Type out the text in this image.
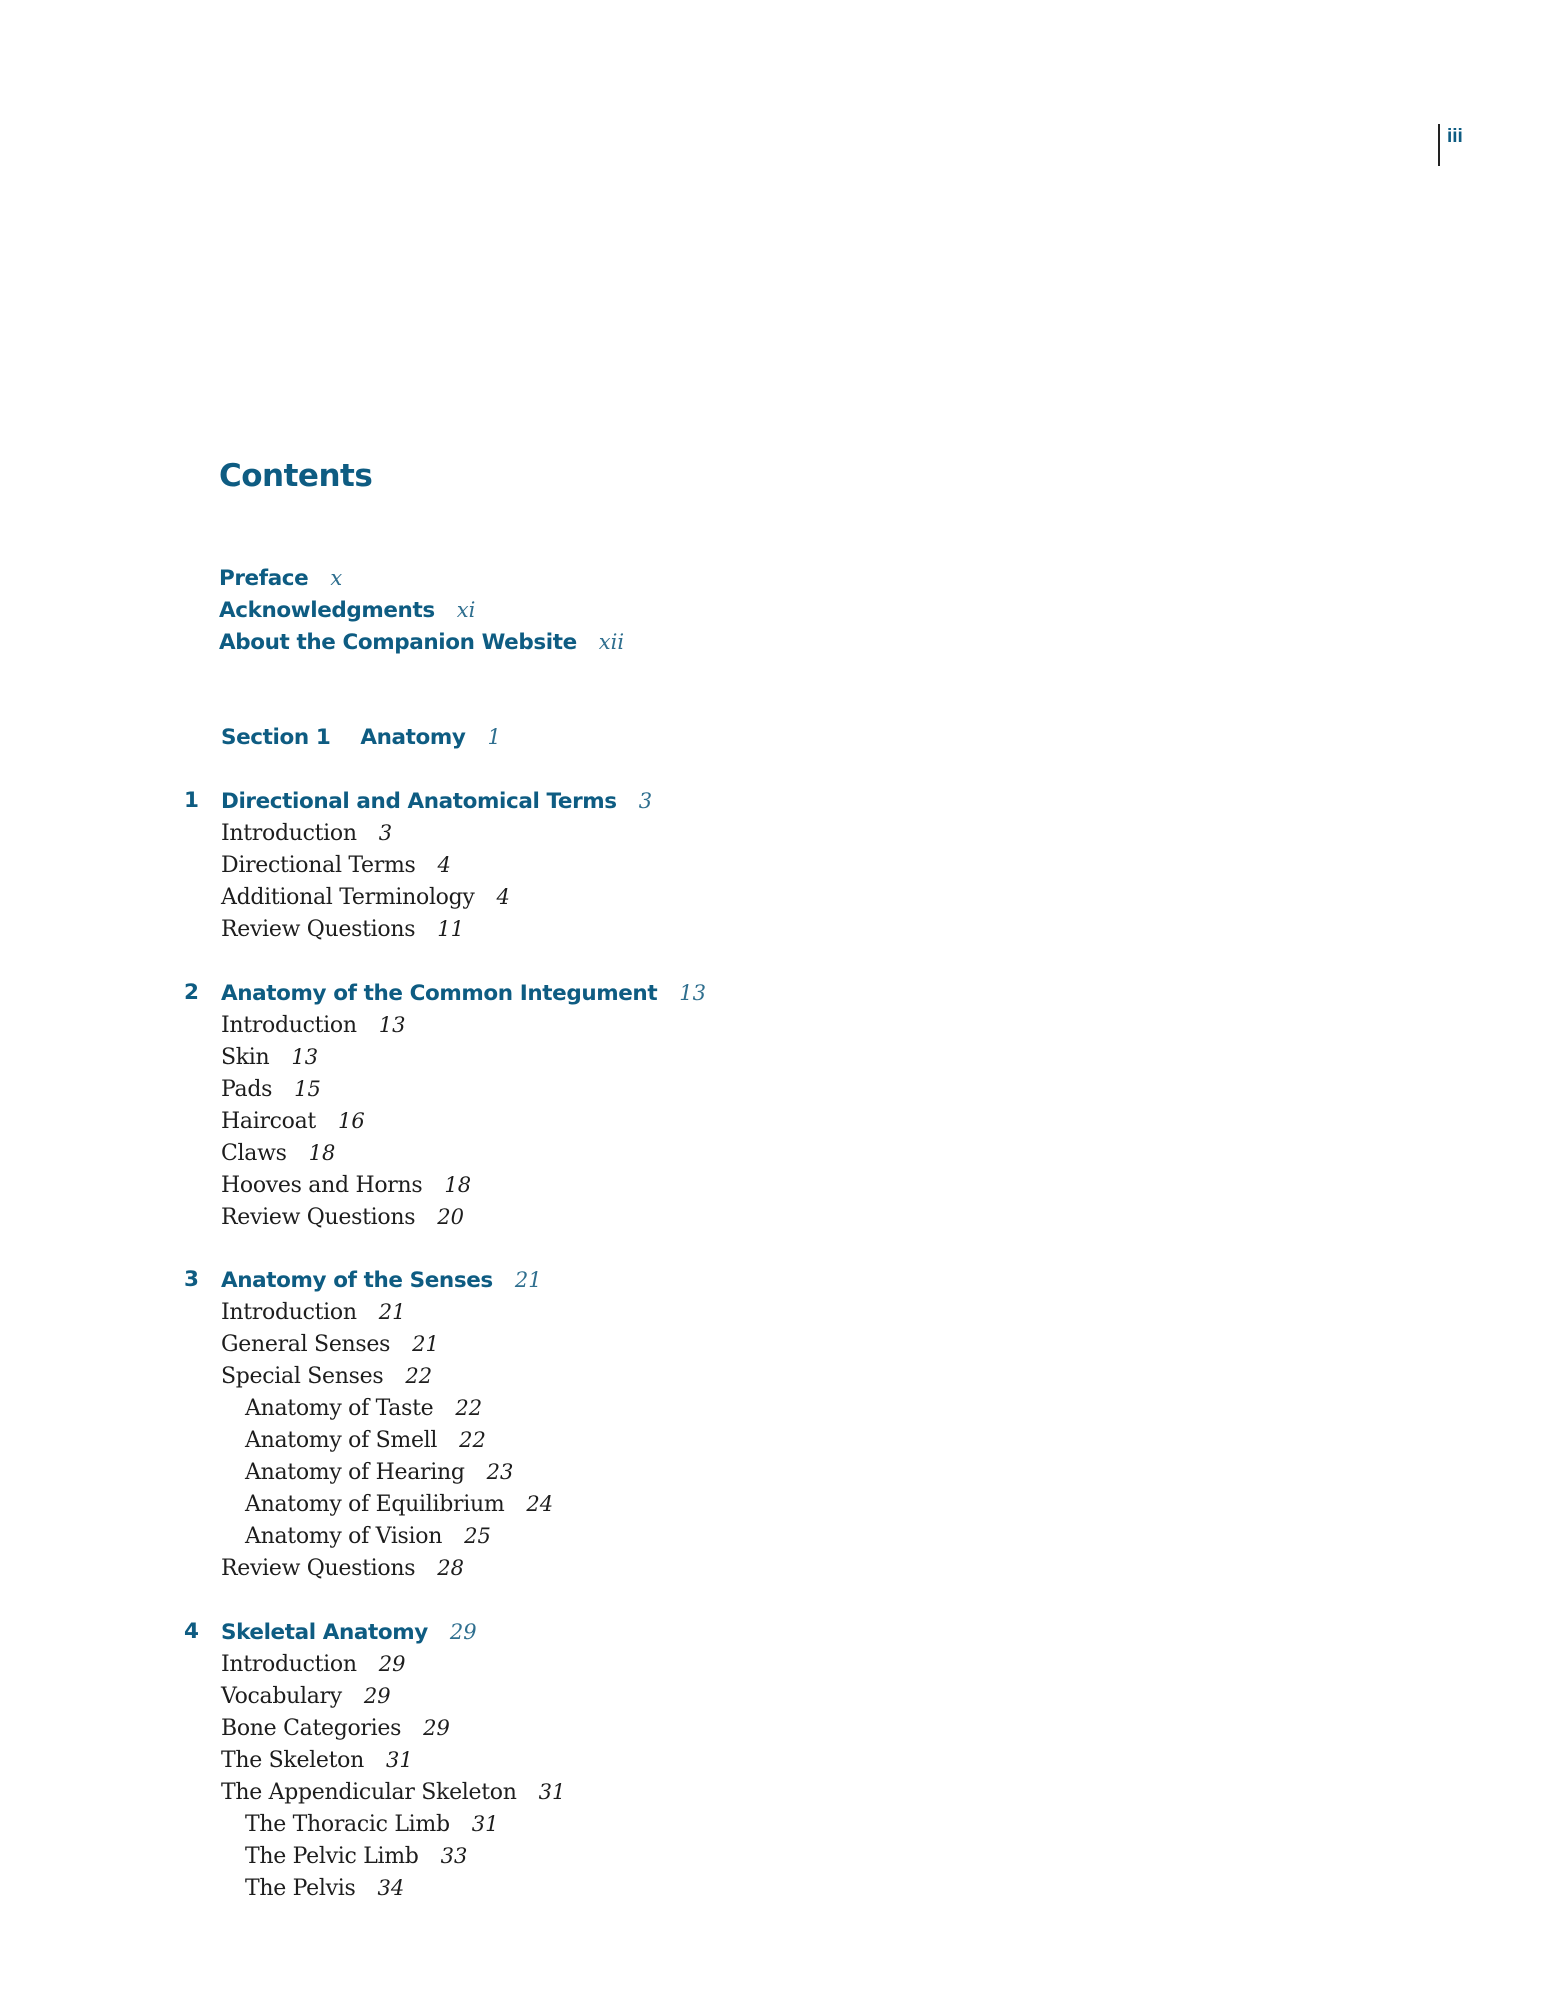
iii
Contents
Preface x
Acknowledgments xi
About the Companion Website xii
Section 1 Anatomy 1
1 Directional and Anatomical Terms 3
Introduction 3
Directional Terms 4
Additional Terminology 4
Review Questions 11
2 Anatomy of the Common Integument 13
Introduction 13
Skin 13
Pads 15
Haircoat 16
Claws 18
Hooves and Horns 18
Review Questions 20
3 Anatomy of the Senses 21
Introduction 21
General Senses 21
Special Senses 22
Anatomy of Taste 22
Anatomy of Smell 22
Anatomy of Hearing 23
Anatomy of Equilibrium 24
Anatomy of Vision 25
Review Questions 28
4 Skeletal Anatomy 29
Introduction 29
Vocabulary 29
Bone Categories 29
The Skeleton 31
The Appendicular Skeleton 31
The Thoracic Limb 31
The Pelvic Limb 33
The Pelvis 34
